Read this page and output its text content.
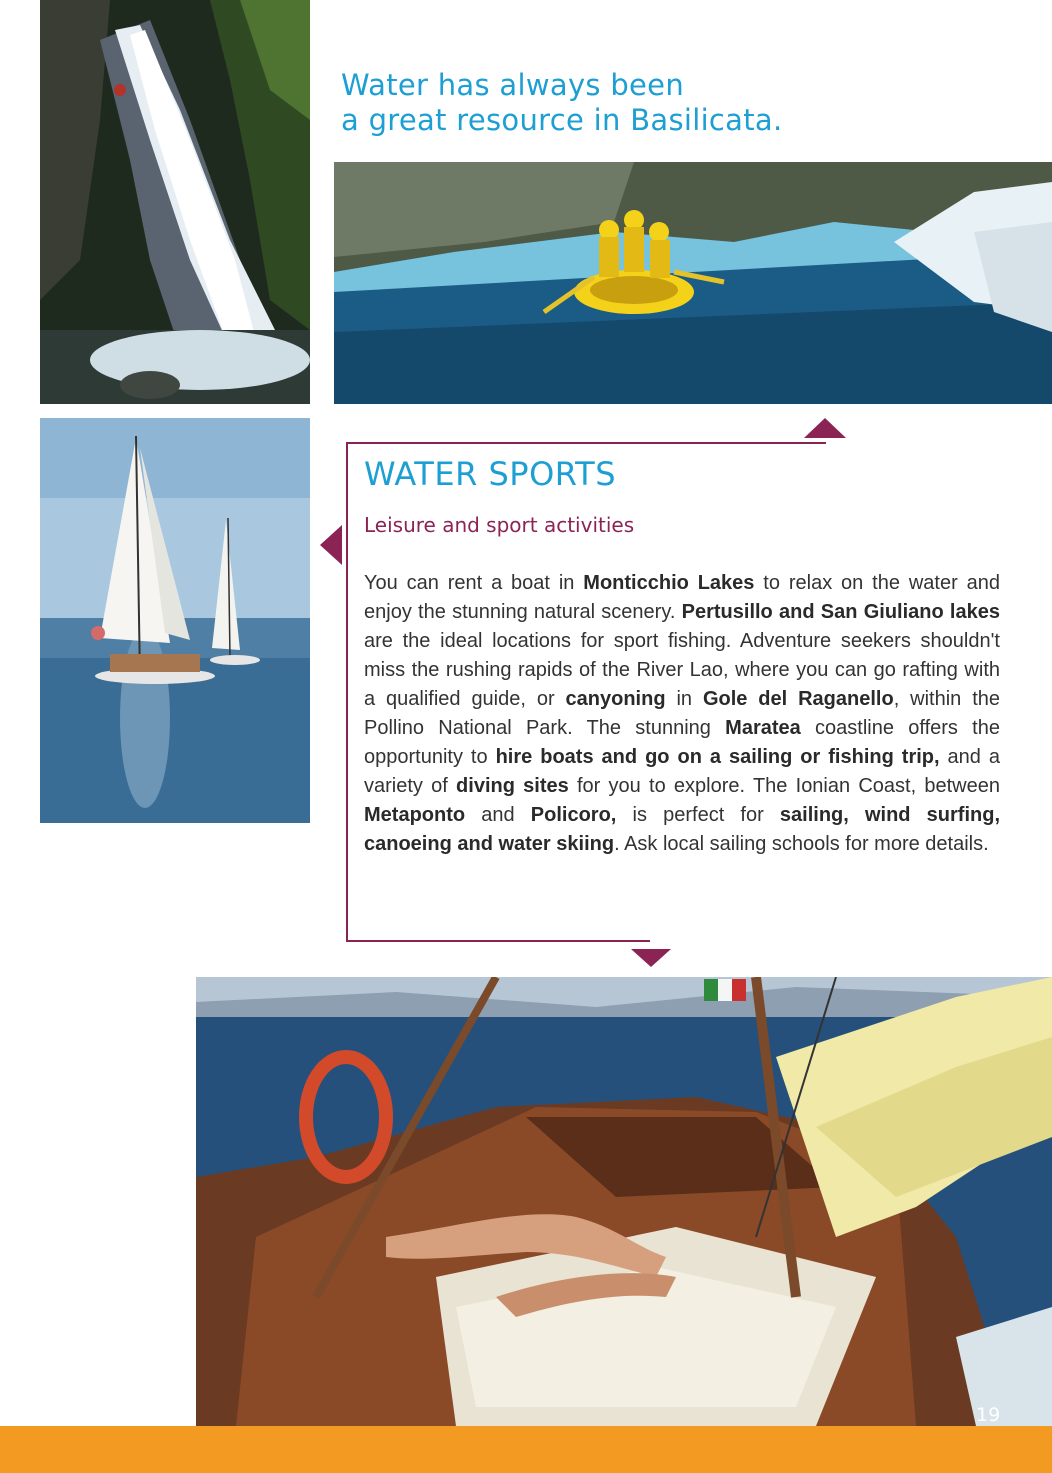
Water has always been
a great resource in Basilicata.
WATER SPORTS
Leisure and sport activities

You can rent a boat in Monticchio Lakes to relax on the water and enjoy the stunning natural scenery. Pertusillo and San Giuliano lakes are the ideal locations for sport fishing. Adventure seekers shouldn't miss the rushing rapids of the River Lao, where you can go rafting with a qualified guide, or canyoning in Gole del Raganello, within the Pollino National Park. The stunning Maratea coastline offers the opportunity to hire boats and go on a sailing or fishing trip, and a variety of diving sites for you to explore. The Ionian Coast, between Metaponto and Policoro, is perfect for sailing, wind surfing, canoeing and water skiing. Ask local sailing schools for more details.

19
